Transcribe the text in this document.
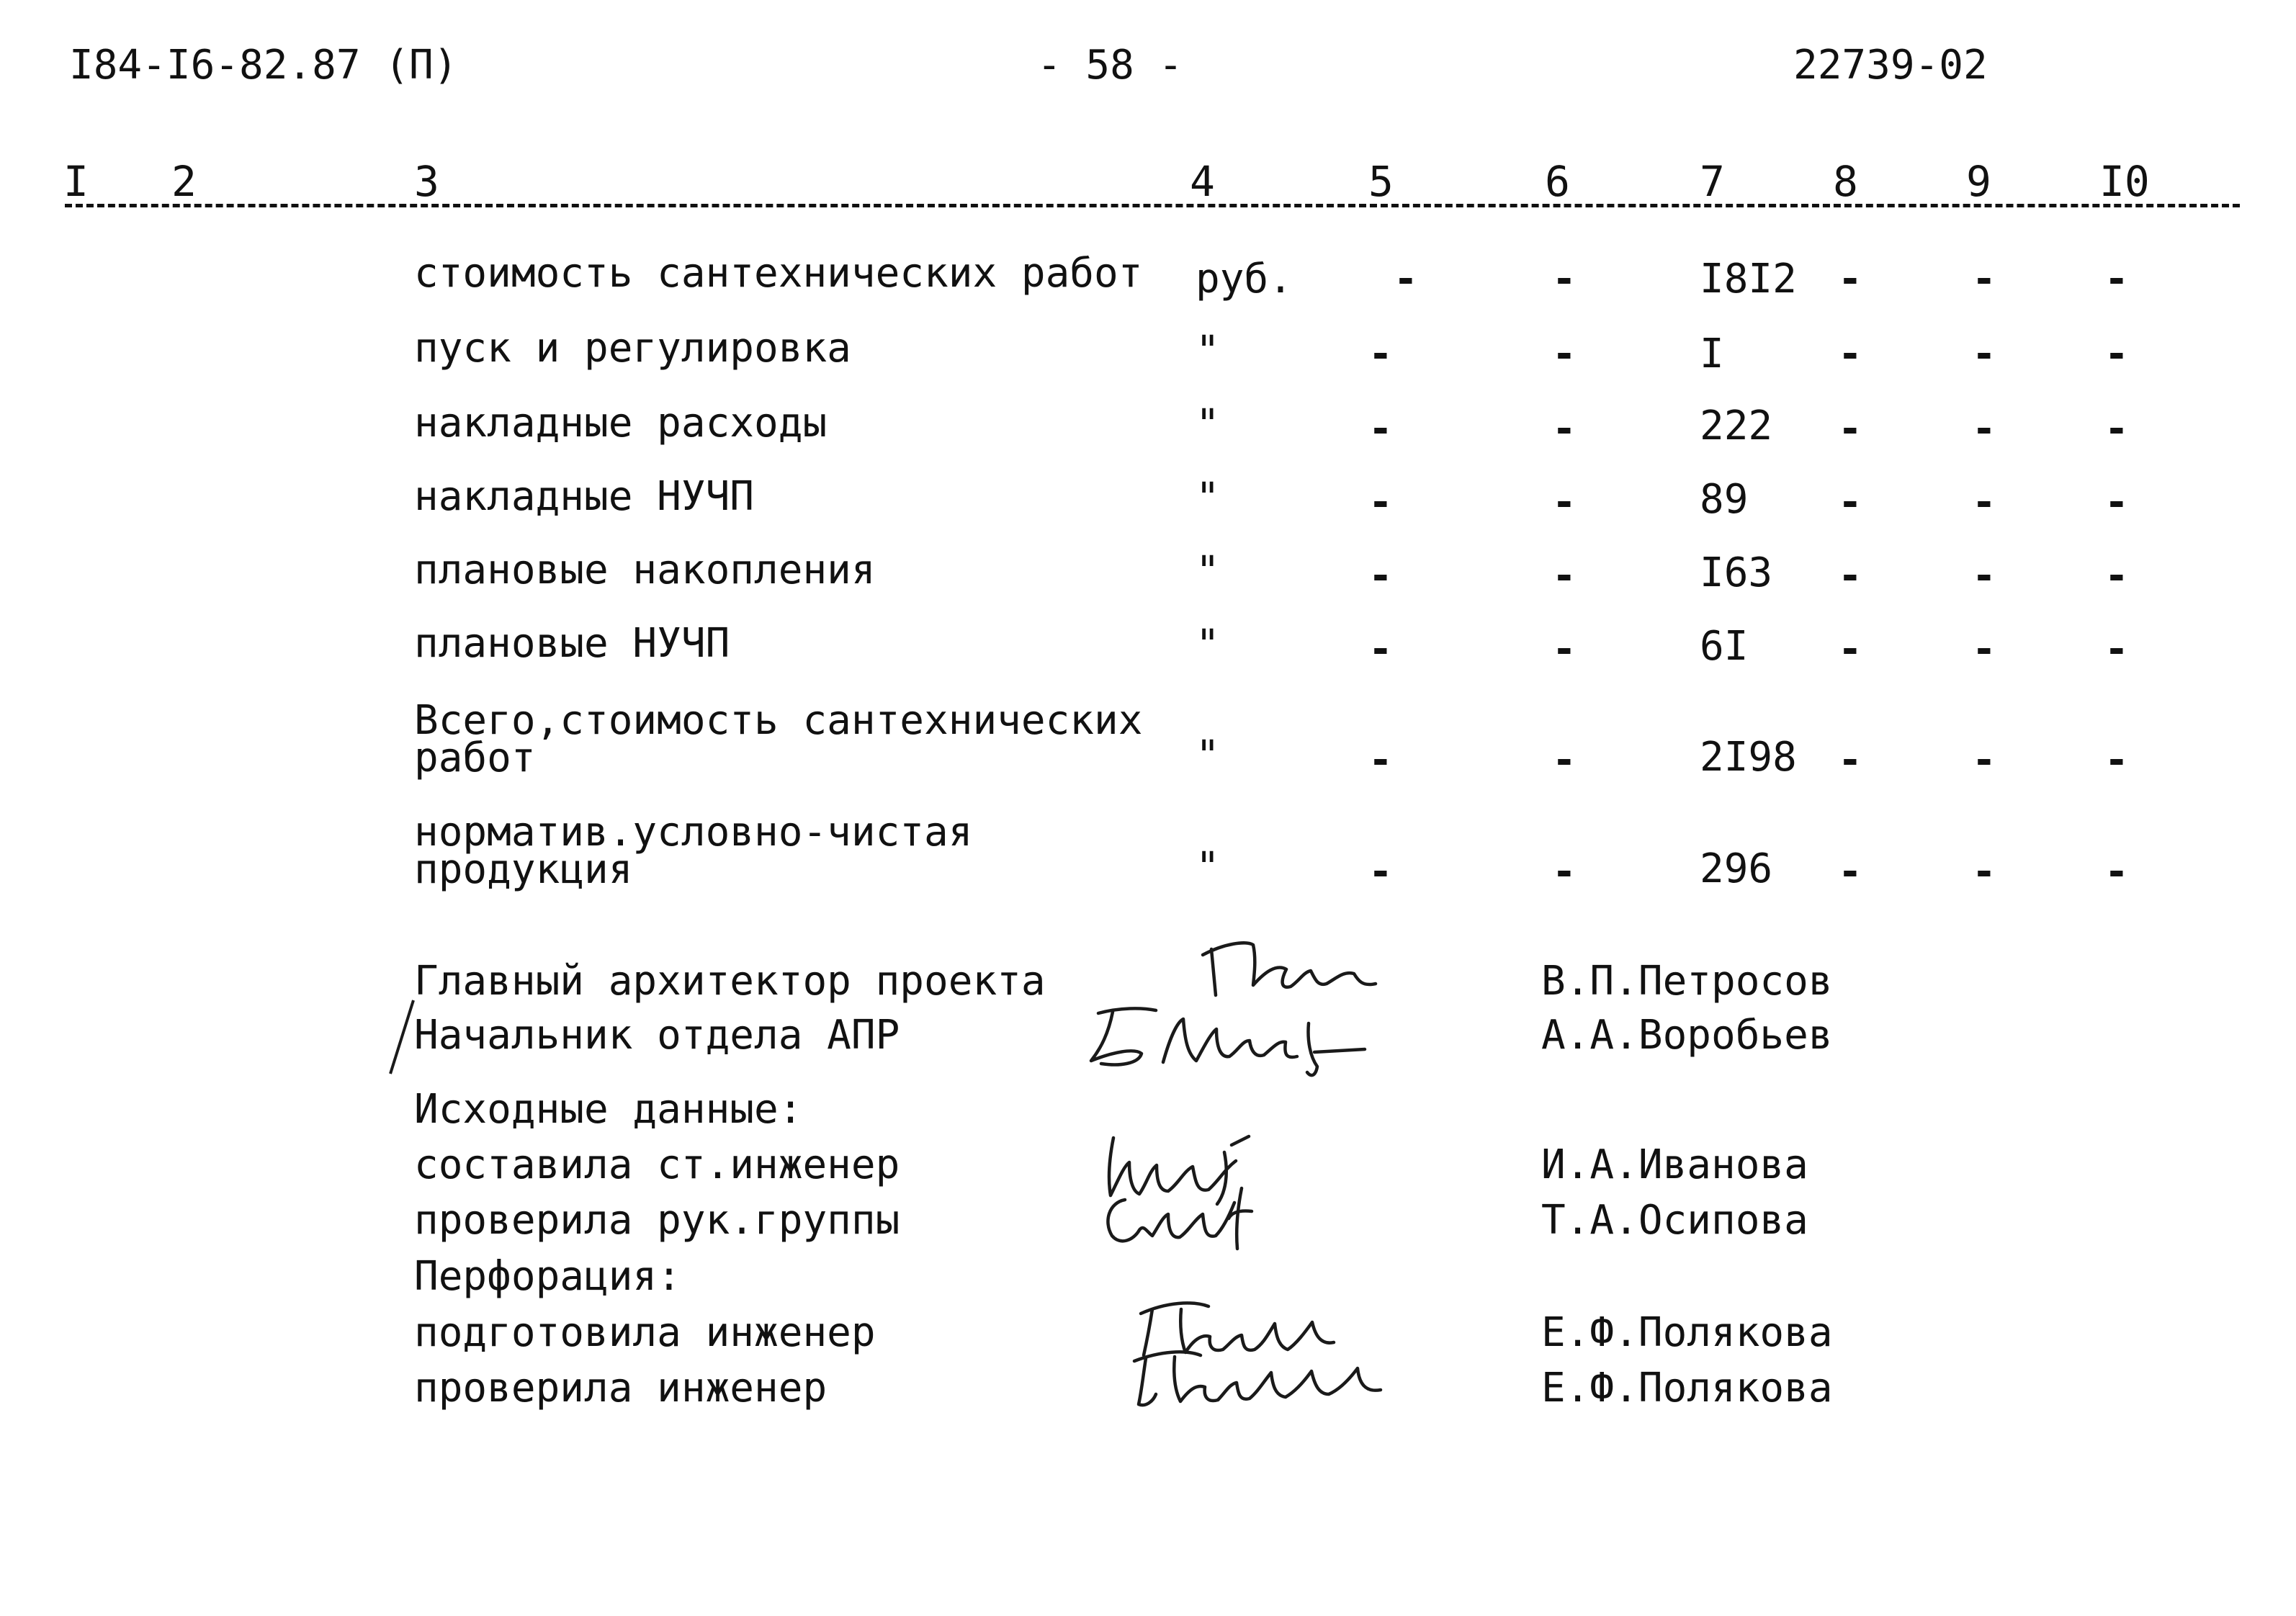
I84-I6-82.87 (П)	- 58 -	22739-02
I 2	3	4	5	6	7	8	9	I0
стоимость сантехнических работ руб.	-	-	I8I2 -	-	-
пуск и регулировка	"	-	-	I	-	-	-
накладные расходы	"	-	-	222 -	-	-
накладные НУЧП	"	-	-	89 -	-	-
плановые накопления	"	-	-	I63 -	-	-
плановые НУЧП	"	-	-	6I -	-	-
Всего,стоимость сантехнических
работ	"	-	-	2I98 -	-	-
норматив.условно-чистая
продукция	"	-	-	296 -	-	-
Главный архитектор проекта	В.П.Петросов
Начальник отдела АПР	А.А.Воробьев
Исходные данные:
составила ст.инженер	И.А.Иванова
проверила рук.группы	Т.А.Осипова
Перфорация:
подготовила инженер	Е.Ф.Полякова
проверила инженер	Е.Ф.Полякова
